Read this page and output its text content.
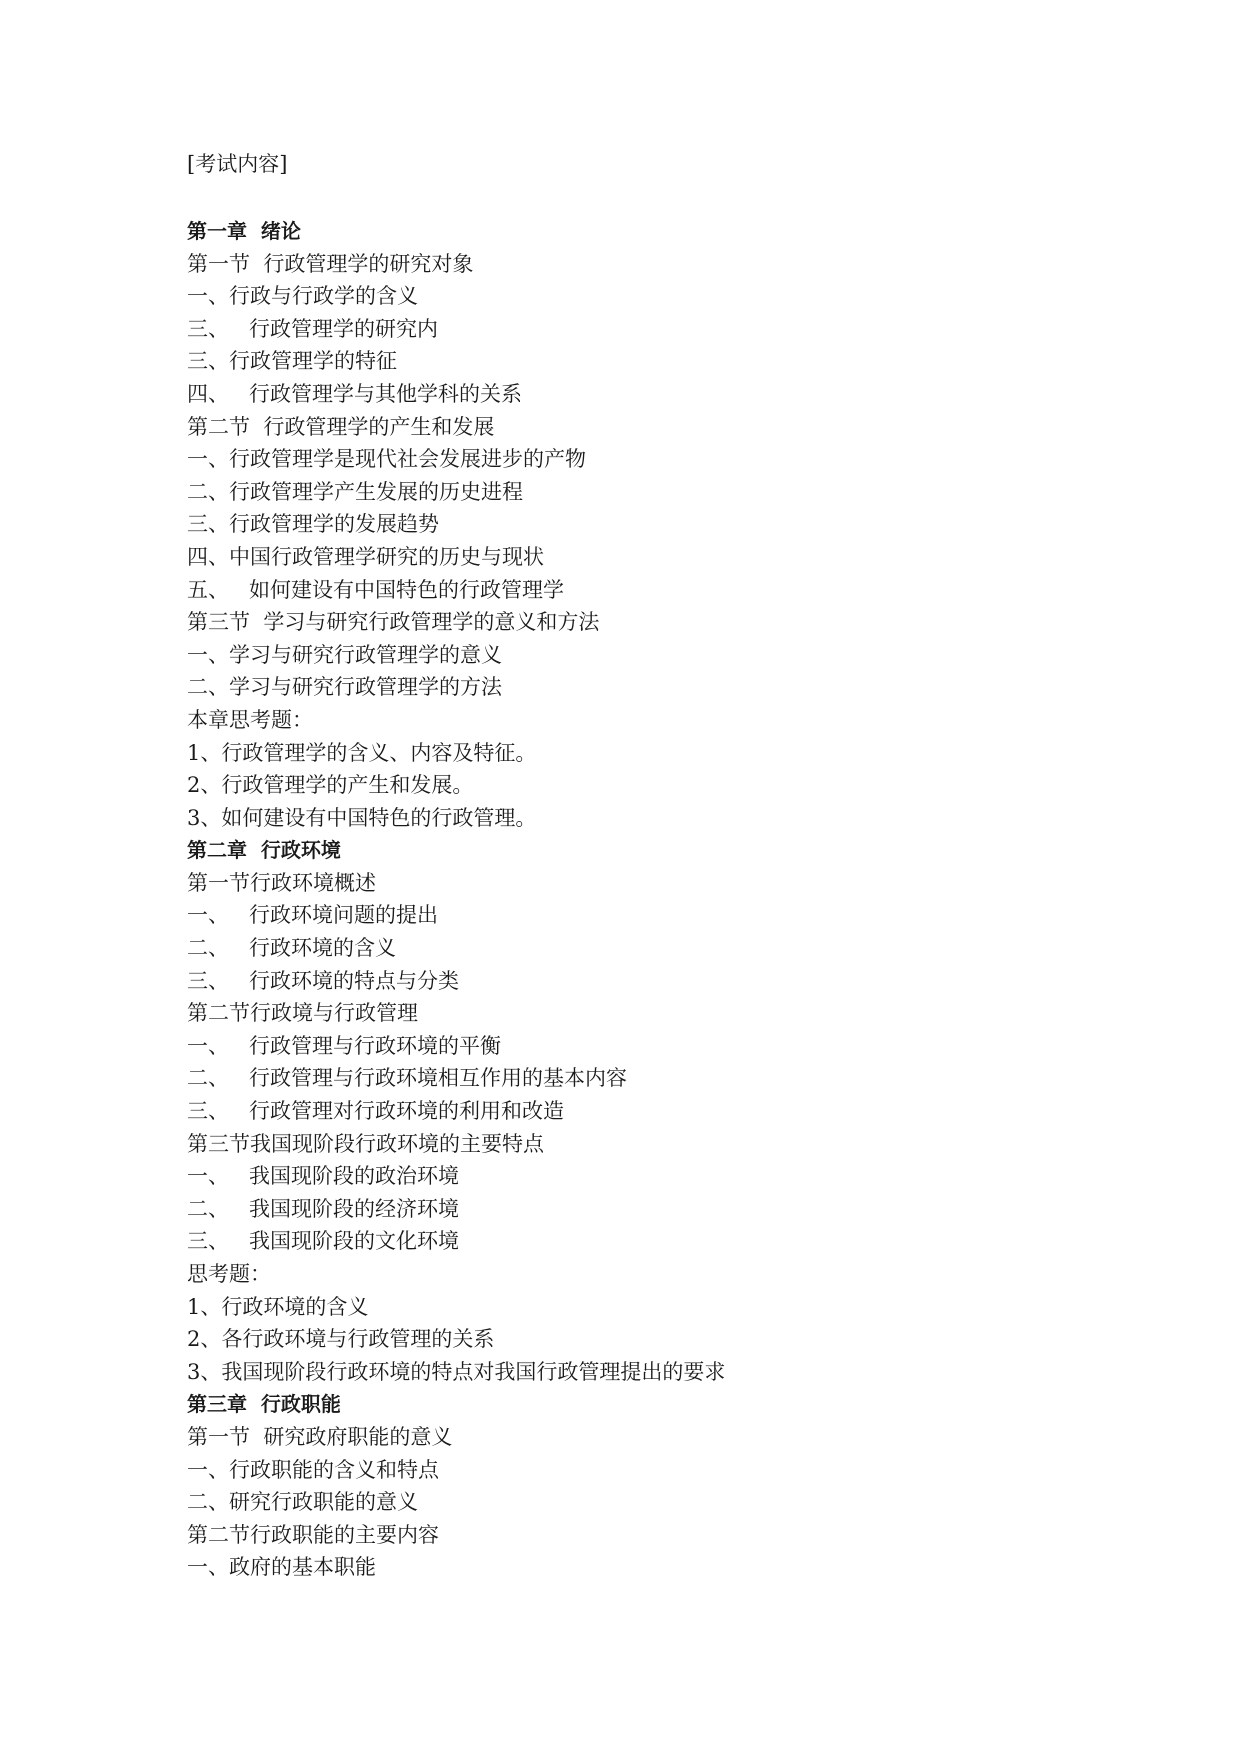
[考试内容]
第一章  绪论
第一节  行政管理学的研究对象
一、行政与行政学的含义
三、   行政管理学的研究内
三、行政管理学的特征
四、   行政管理学与其他学科的关系
第二节  行政管理学的产生和发展
一、行政管理学是现代社会发展进步的产物
二、行政管理学产生发展的历史进程
三、行政管理学的发展趋势
四、中国行政管理学研究的历史与现状
五、   如何建设有中国特色的行政管理学
第三节  学习与研究行政管理学的意义和方法
一、学习与研究行政管理学的意义
二、学习与研究行政管理学的方法
本章思考题：
1、行政管理学的含义、内容及特征。
2、行政管理学的产生和发展。
3、如何建设有中国特色的行政管理。
第二章  行政环境
第一节行政环境概述
一、   行政环境问题的提出
二、   行政环境的含义
三、   行政环境的特点与分类
第二节行政境与行政管理
一、   行政管理与行政环境的平衡
二、   行政管理与行政环境相互作用的基本内容
三、   行政管理对行政环境的利用和改造
第三节我国现阶段行政环境的主要特点
一、   我国现阶段的政治环境
二、   我国现阶段的经济环境
三、   我国现阶段的文化环境
思考题：
1、行政环境的含义
2、各行政环境与行政管理的关系
3、我国现阶段行政环境的特点对我国行政管理提出的要求
第三章  行政职能
第一节  研究政府职能的意义
一、行政职能的含义和特点
二、研究行政职能的意义
第二节行政职能的主要内容
一、政府的基本职能
